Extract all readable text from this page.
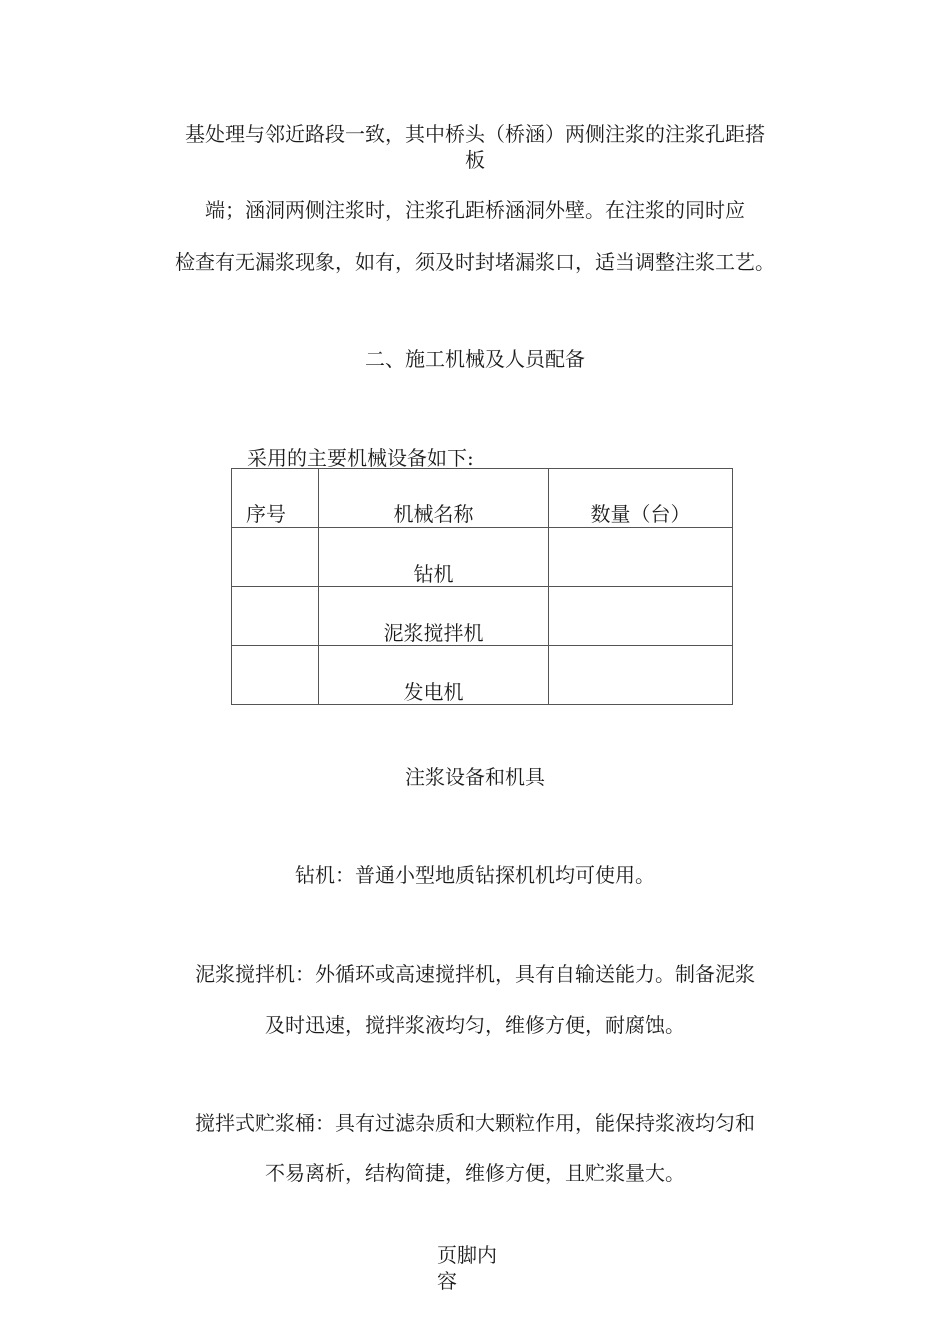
基处理与邻近路段一致，其中桥头（桥涵）两侧注浆的注浆孔距搭
板
端；涵洞两侧注浆时，注浆孔距桥涵洞外壁。在注浆的同时应
检查有无漏浆现象，如有，须及时封堵漏浆口，适当调整注浆工艺。
二、施工机械及人员配备
采用的主要机械设备如下:
序号	机械名称	数量（台）
	钻机	
	泥浆搅拌机	
	发电机	
注浆设备和机具
钻机：普通小型地质钻探机机均可使用。
泥浆搅拌机：外循环或高速搅拌机，具有自输送能力。制备泥浆
及时迅速，搅拌浆液均匀，维修方便，耐腐蚀。
搅拌式贮浆桶：具有过滤杂质和大颗粒作用，能保持浆液均匀和
不易离析，结构简捷，维修方便，且贮浆量大。
页脚内容
